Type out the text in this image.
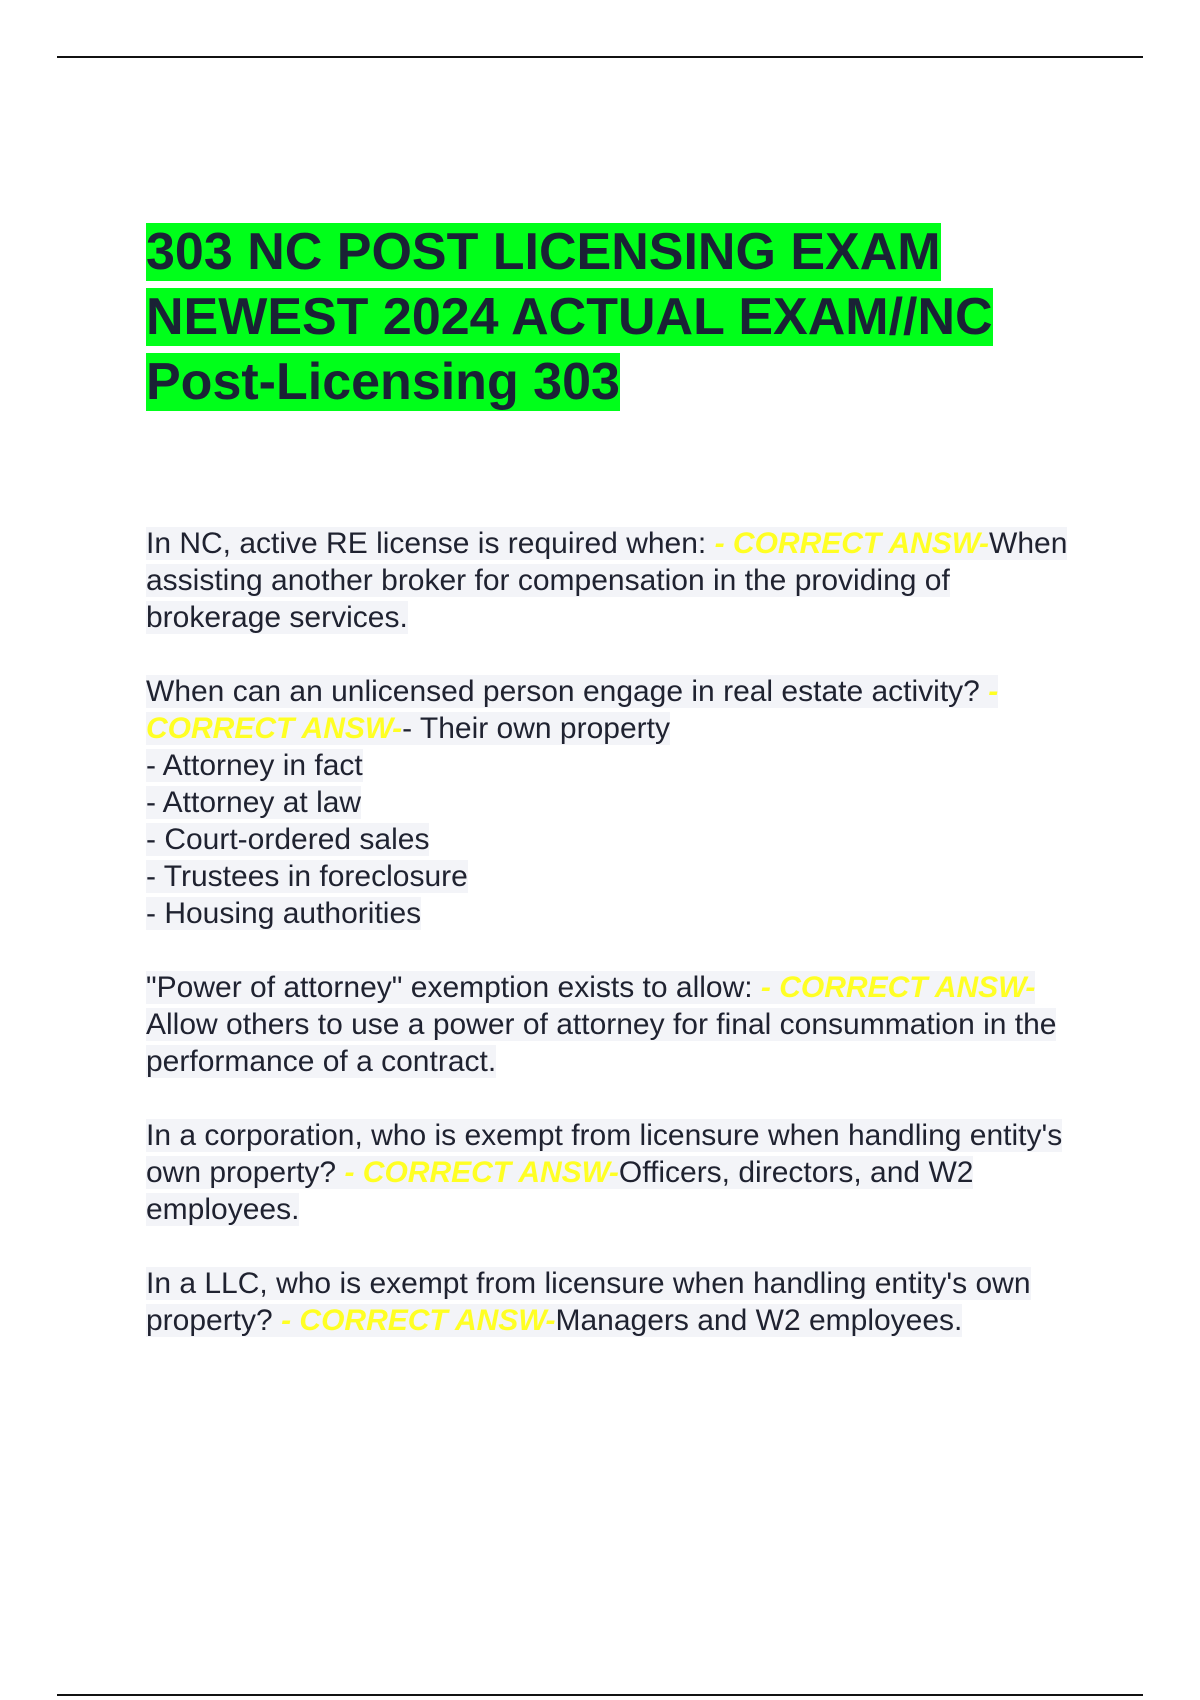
303 NC POST LICENSING EXAM NEWEST 2024 ACTUAL EXAM//NC Post-Licensing 303

In NC, active RE license is required when: - CORRECT ANSW-When assisting another broker for compensation in the providing of brokerage services.

When can an unlicensed person engage in real estate activity? - CORRECT ANSW-- Their own property
- Attorney in fact
- Attorney at law
- Court-ordered sales
- Trustees in foreclosure
- Housing authorities

"Power of attorney" exemption exists to allow: - CORRECT ANSW-Allow others to use a power of attorney for final consummation in the performance of a contract.

In a corporation, who is exempt from licensure when handling entity's own property? - CORRECT ANSW-Officers, directors, and W2 employees.

In a LLC, who is exempt from licensure when handling entity's own property? - CORRECT ANSW-Managers and W2 employees.
